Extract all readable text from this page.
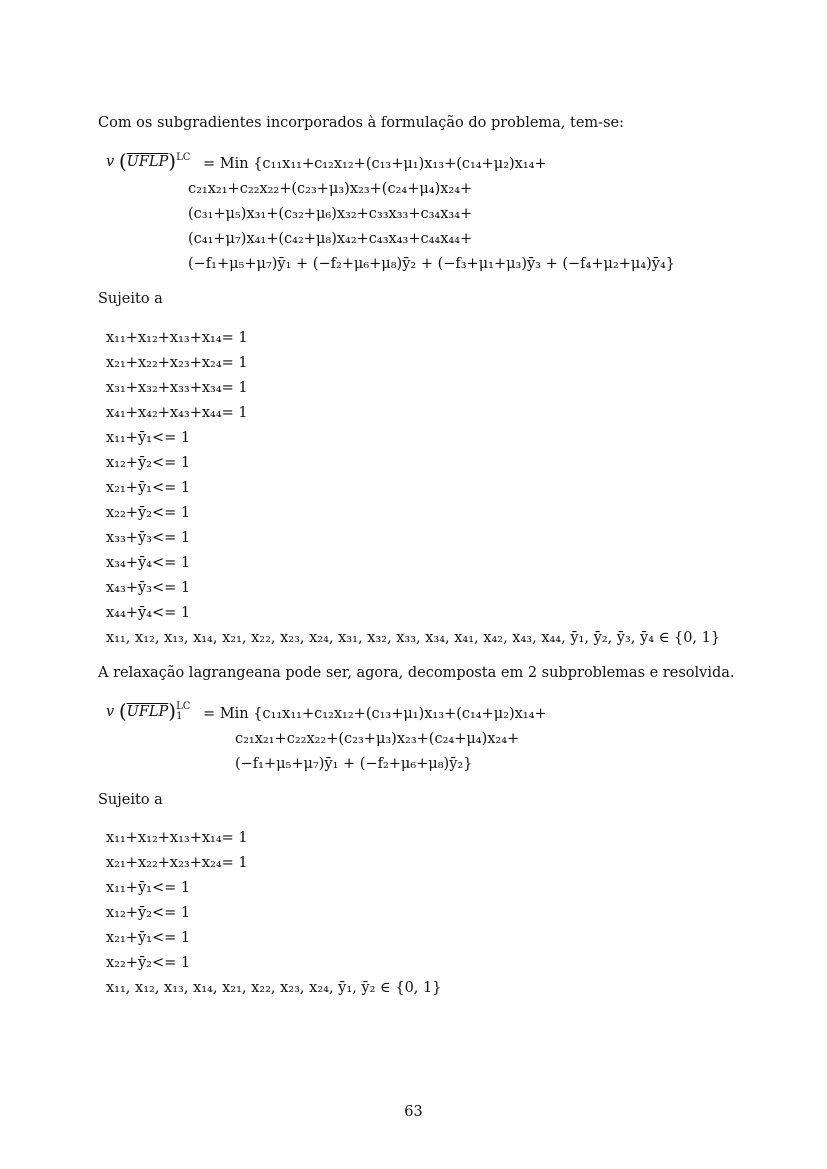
Com os subgradientes incorporados à formulação do problema, tem-se:
v (UFLP)$^{LC}$ = Min {c₁₁x₁₁+c₁₂x₁₂+(c₁₃+μ₁)x₁₃+(c₁₄+μ₂)x₁₄+
c₂₁x₂₁+c₂₂x₂₂+(c₂₃+μ₃)x₂₃+(c₂₄+μ₄)x₂₄+
(c₃₁+μ₅)x₃₁+(c₃₂+μ₆)x₃₂+c₃₃x₃₃+c₃₄x₃₄+
(c₄₁+μ₇)x₄₁+(c₄₂+μ₈)x₄₂+c₄₃x₄₃+c₄₄x₄₄+
(−f₁+μ₅+μ₇)ȳ₁ + (−f₂+μ₆+μ₈)ȳ₂ + (−f₃+μ₁+μ₃)ȳ₃ + (−f₄+μ₂+μ₄)ȳ₄}
Sujeito a
x₁₁+x₁₂+x₁₃+x₁₄= 1
x₂₁+x₂₂+x₂₃+x₂₄= 1
x₃₁+x₃₂+x₃₃+x₃₄= 1
x₄₁+x₄₂+x₄₃+x₄₄= 1
x₁₁+ȳ₁<= 1
x₁₂+ȳ₂<= 1
x₂₁+ȳ₁<= 1
x₂₂+ȳ₂<= 1
x₃₃+ȳ₃<= 1
x₃₄+ȳ₄<= 1
x₄₃+ȳ₃<= 1
x₄₄+ȳ₄<= 1
x₁₁, x₁₂, x₁₃, x₁₄, x₂₁, x₂₂, x₂₃, x₂₄, x₃₁, x₃₂, x₃₃, x₃₄, x₄₁, x₄₂, x₄₃, x₄₄, ȳ₁, ȳ₂, ȳ₃, ȳ₄ ∈ {0, 1}
A relaxação lagrangeana pode ser, agora, decomposta em 2 subproblemas e resolvida.
v (UFLP) LC
1	= Min {c₁₁x₁₁+c₁₂x₁₂+(c₁₃+μ₁)x₁₃+(c₁₄+μ₂)x₁₄+
c₂₁x₂₁+c₂₂x₂₂+(c₂₃+μ₃)x₂₃+(c₂₄+μ₄)x₂₄+
(−f₁+μ₅+μ₇)ȳ₁ + (−f₂+μ₆+μ₈)ȳ₂}
Sujeito a
x₁₁+x₁₂+x₁₃+x₁₄= 1
x₂₁+x₂₂+x₂₃+x₂₄= 1
x₁₁+ȳ₁<= 1
x₁₂+ȳ₂<= 1
x₂₁+ȳ₁<= 1
x₂₂+ȳ₂<= 1
x₁₁, x₁₂, x₁₃, x₁₄, x₂₁, x₂₂, x₂₃, x₂₄, ȳ₁, ȳ₂ ∈ {0, 1}
63
